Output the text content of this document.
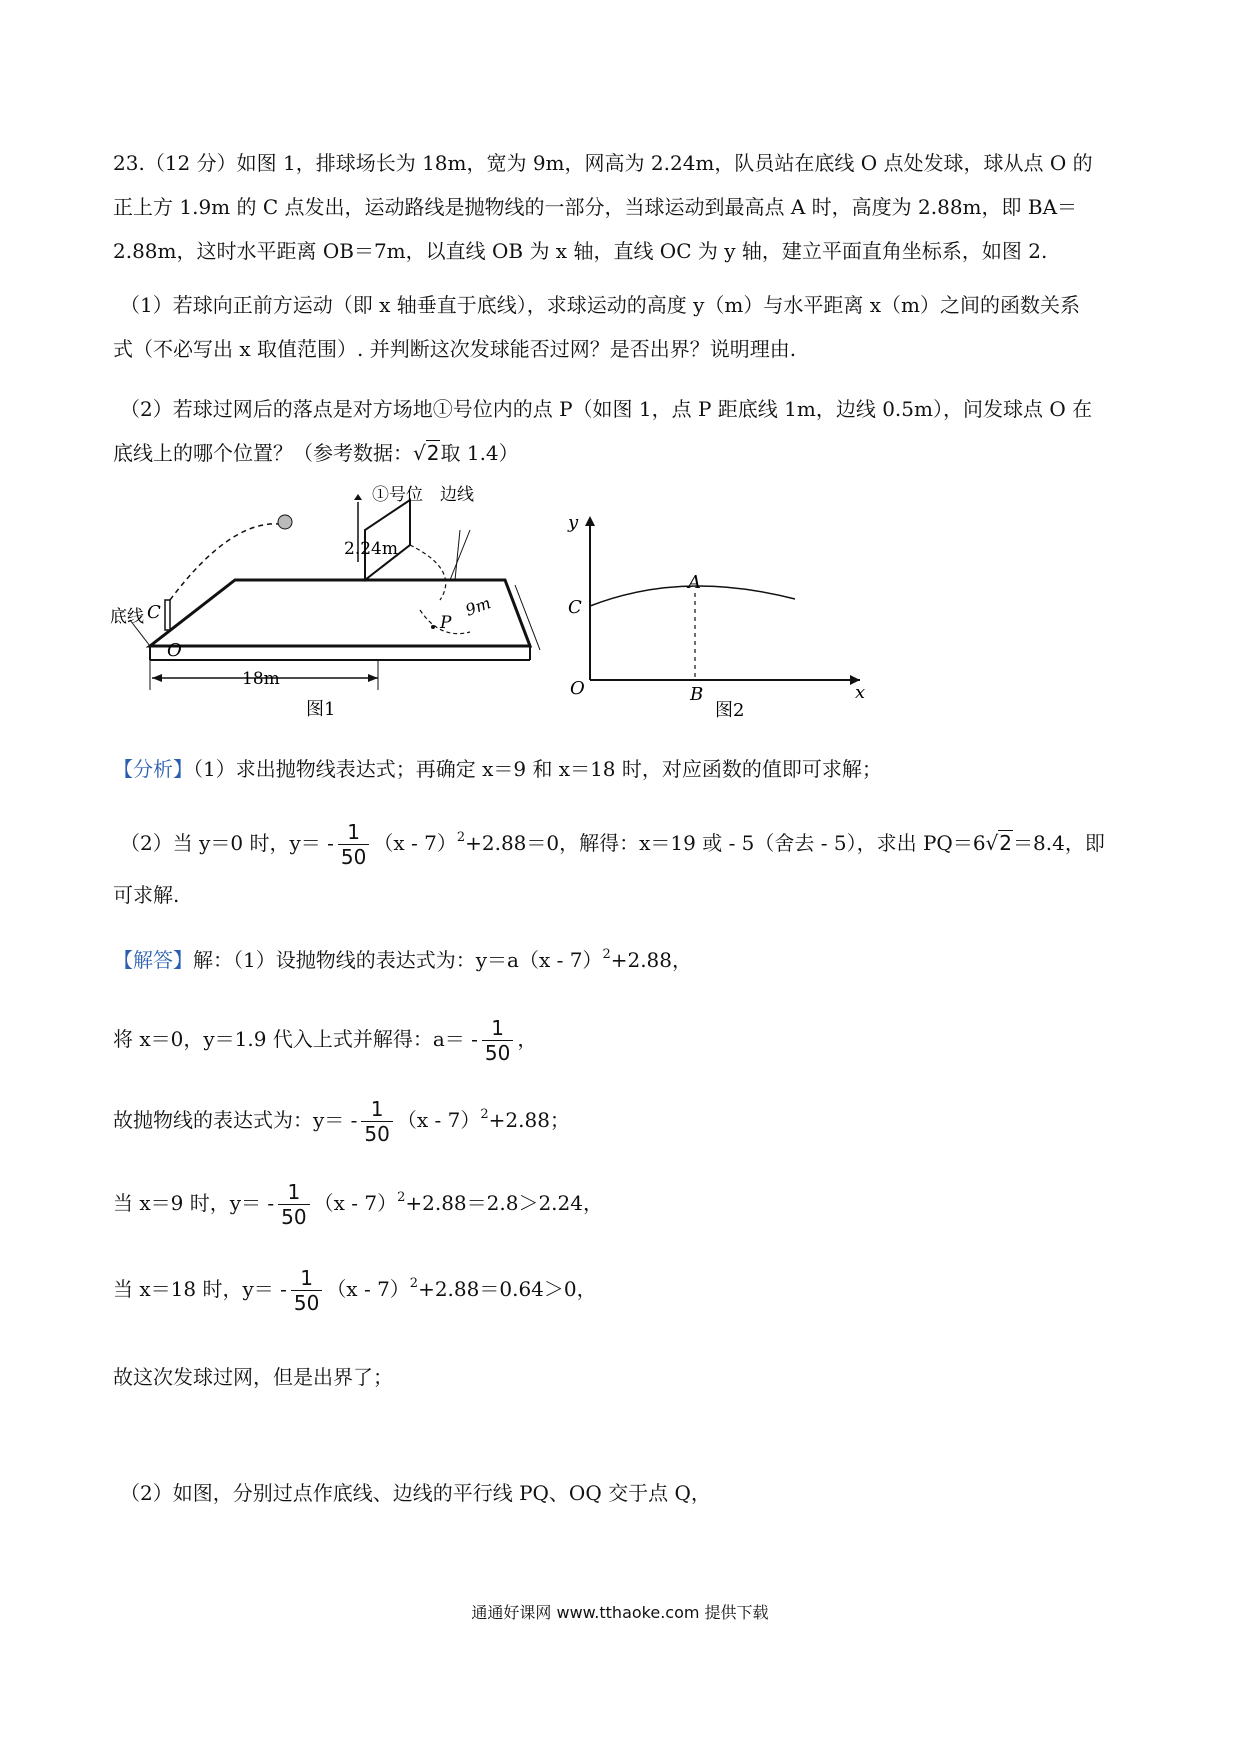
23.（12 分）如图 1，排球场长为 18m，宽为 9m，网高为 2.24m，队员站在底线 O 点处发球，球从点 O 的
正上方 1.9m 的 C 点发出，运动路线是抛物线的一部分，当球运动到最高点 A 时，高度为 2.88m，即 BA＝
2.88m，这时水平距离 OB＝7m，以直线 OB 为 x 轴，直线 OC 为 y 轴，建立平面直角坐标系，如图 2.
（1）若球向正前方运动（即 x 轴垂直于底线），求球运动的高度 y（m）与水平距离 x（m）之间的函数关系
式（不必写出 x 取值范围）. 并判断这次发球能否过网？是否出界？说明理由.
（2）若球过网后的落点是对方场地①号位内的点 P（如图 1，点 P 距底线 1m，边线 0.5m），问发球点 O 在
底线上的哪个位置？（参考数据：√2取 1.4）
底线 C
O
①号位 边线
2.24m
P
18m
9m
图1
y
C
A
O	B	x
图2
【分析】（1）求出抛物线表达式；再确定 x＝9 和 x＝18 时，对应函数的值即可求解；
（2）当 y＝0 时，$y= - \frac{1}{50} (x - 7)^2+2.88=0$，解得：x＝19 或 - 5（舍去 - 5），求出 PQ＝6√2＝8.4，即
可求解.
【解答】解：（1）设抛物线的表达式为：y＝a（x - 7）$^2$+2.88，
将 x＝0，y＝1.9 代入上式并解得：$a= - \frac{1}{50}$ ，
故抛物线的表达式为：$y= - \frac{1}{50} (x - 7)^2+2.88$；
当 x＝9 时，$y= - \frac{1}{50} (x - 7)^2+2.88=2.8>2.24$，
当 x＝18 时，$y= - \frac{1}{50} (x - 7)^2+2.88=0.64>0$，
故这次发球过网，但是出界了；
（2）如图，分别过点作底线、边线的平行线 PQ、OQ 交于点 Q，
通通好课网 www.tthaoke.com 提供下载
